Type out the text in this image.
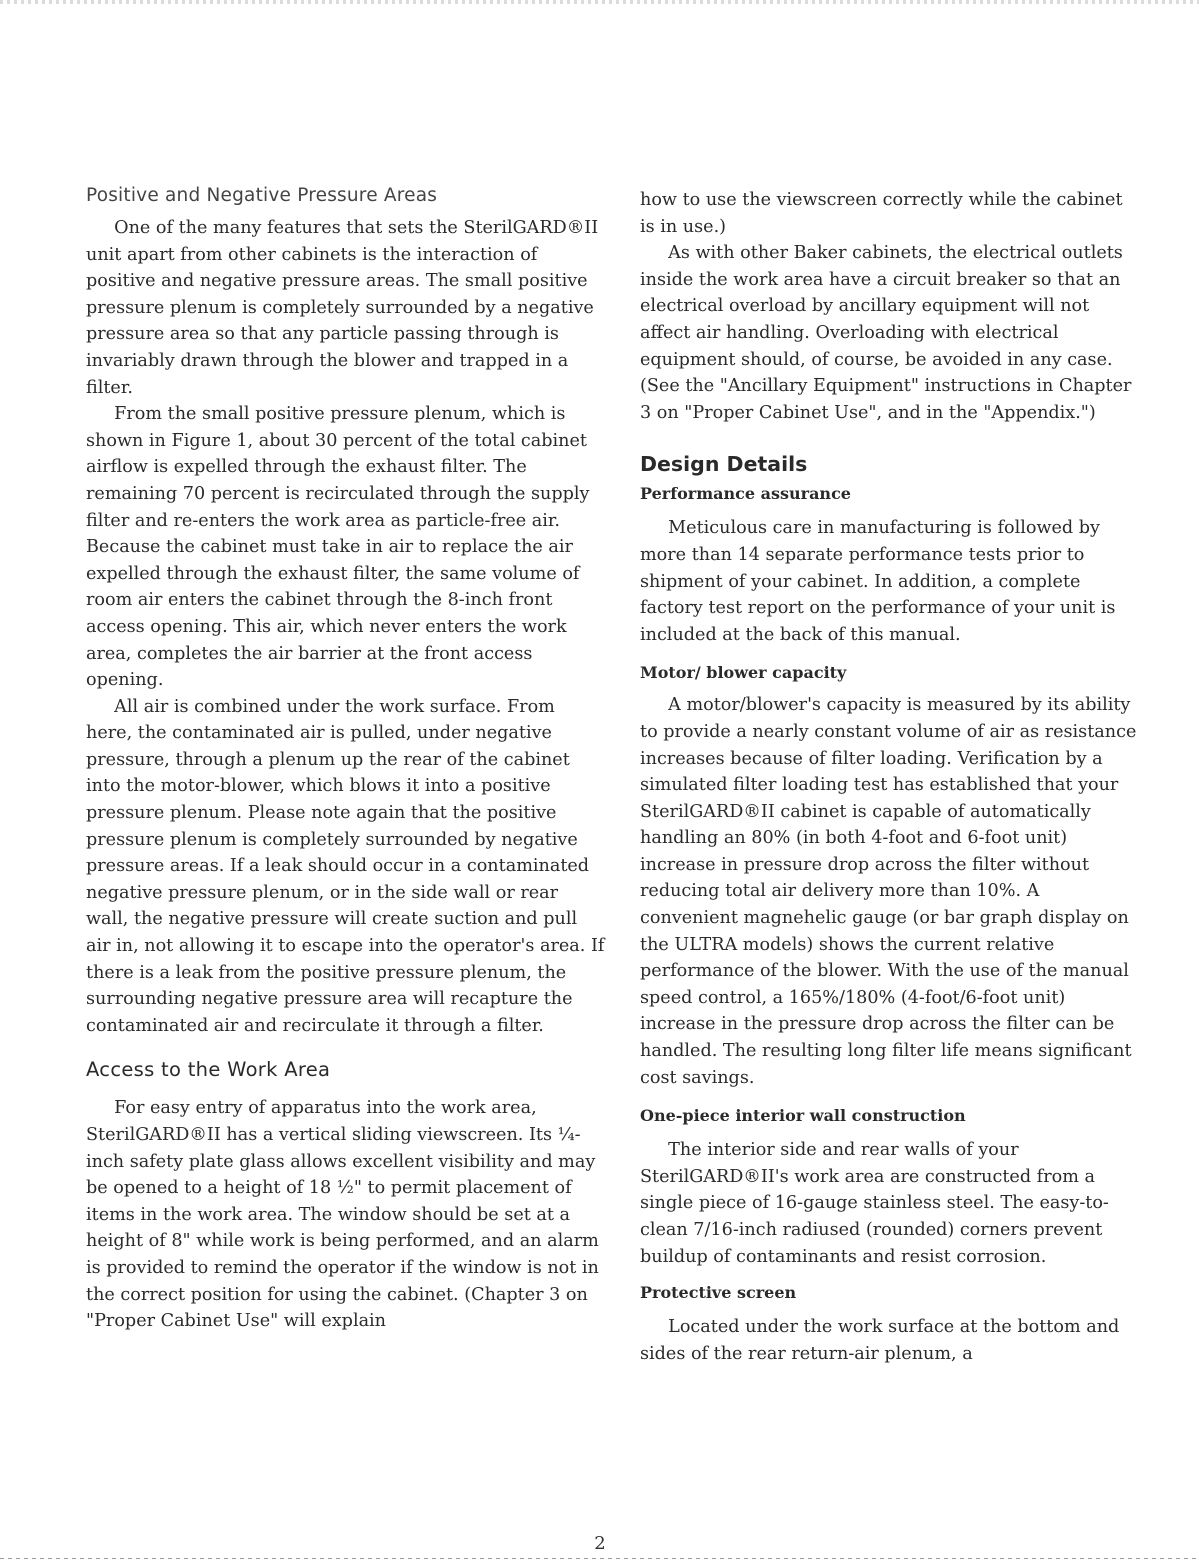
Positive and Negative Pressure Areas

One of the many features that sets the SterilGARD®II unit apart from other cabinets is the interaction of positive and negative pressure areas. The small positive pressure plenum is completely surrounded by a negative pressure area so that any particle passing through is invariably drawn through the blower and trapped in a filter.

From the small positive pressure plenum, which is shown in Figure 1, about 30 percent of the total cabinet airflow is expelled through the exhaust filter. The remaining 70 percent is recirculated through the supply filter and re-enters the work area as particle-free air. Because the cabinet must take in air to replace the air expelled through the exhaust filter, the same volume of room air enters the cabinet through the 8-inch front access opening. This air, which never enters the work area, completes the air barrier at the front access opening.

All air is combined under the work surface. From here, the contaminated air is pulled, under negative pressure, through a plenum up the rear of the cabinet into the motor-blower, which blows it into a positive pressure plenum. Please note again that the positive pressure plenum is completely surrounded by negative pressure areas. If a leak should occur in a contaminated negative pressure plenum, or in the side wall or rear wall, the negative pressure will create suction and pull air in, not allowing it to escape into the operator's area. If there is a leak from the positive pressure plenum, the surrounding negative pressure area will recapture the contaminated air and recirculate it through a filter.

Access to the Work Area

For easy entry of apparatus into the work area, SterilGARD®II has a vertical sliding viewscreen. Its ¼-inch safety plate glass allows excellent visibility and may be opened to a height of 18 ½" to permit placement of items in the work area. The window should be set at a height of 8" while work is being performed, and an alarm is provided to remind the operator if the window is not in the correct position for using the cabinet. (Chapter 3 on "Proper Cabinet Use" will explain

how to use the viewscreen correctly while the cabinet is in use.)

As with other Baker cabinets, the electrical outlets inside the work area have a circuit breaker so that an electrical overload by ancillary equipment will not affect air handling. Overloading with electrical equipment should, of course, be avoided in any case. (See the "Ancillary Equipment" instructions in Chapter 3 on "Proper Cabinet Use", and in the "Appendix.")

Design Details
Performance assurance

Meticulous care in manufacturing is followed by more than 14 separate performance tests prior to shipment of your cabinet. In addition, a complete factory test report on the performance of your unit is included at the back of this manual.

Motor/ blower capacity

A motor/blower's capacity is measured by its ability to provide a nearly constant volume of air as resistance increases because of filter loading. Verification by a simulated filter loading test has established that your SterilGARD®II cabinet is capable of automatically handling an 80% (in both 4-foot and 6-foot unit) increase in pressure drop across the filter without reducing total air delivery more than 10%. A convenient magnehelic gauge (or bar graph display on the ULTRA models) shows the current relative performance of the blower. With the use of the manual speed control, a 165%/180% (4-foot/6-foot unit) increase in the pressure drop across the filter can be handled. The resulting long filter life means significant cost savings.

One-piece interior wall construction

The interior side and rear walls of your SterilGARD®II's work area are constructed from a single piece of 16-gauge stainless steel. The easy-to-clean 7/16-inch radiused (rounded) corners prevent buildup of contaminants and resist corrosion.

Protective screen

Located under the work surface at the bottom and sides of the rear return-air plenum, a

2
